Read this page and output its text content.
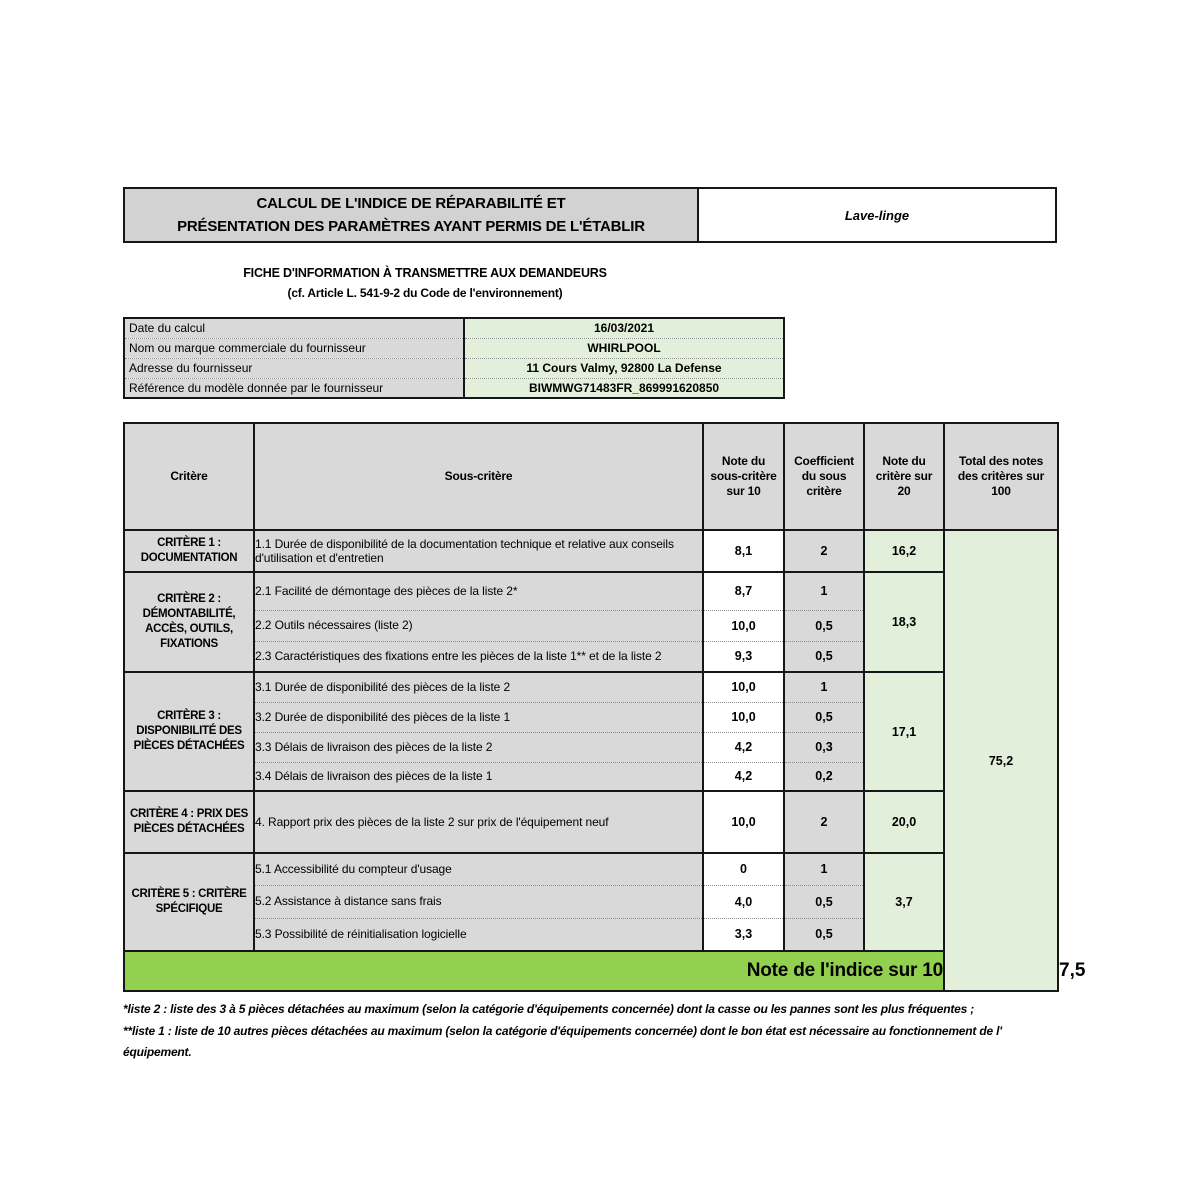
CALCUL DE L'INDICE DE RÉPARABILITÉ ET
PRÉSENTATION DES PARAMÈTRES AYANT PERMIS DE L'ÉTABLIR
Lave-linge
FICHE D'INFORMATION À TRANSMETTRE AUX DEMANDEURS
(cf. Article L. 541-9-2 du Code de l'environnement)
Date du calcul	16/03/2021
Nom ou marque commerciale du fournisseur	WHIRLPOOL
Adresse du fournisseur	11 Cours Valmy, 92800 La Defense
Référence du modèle donnée par le fournisseur	BIWMWG71483FR_869991620850
Critère	Sous-critère	Note du sous-critère sur 10	Coefficient du sous critère	Note du critère sur 20	Total des notes des critères sur 100	
CRITÈRE 1 : DOCUMENTATION	1.1 Durée de disponibilité de la documentation technique et relative aux conseils d'utilisation et d'entretien	8,1	2	16,2	75,2	
CRITÈRE 2 : DÉMONTABILITÉ, ACCÈS, OUTILS, FIXATIONS	2.1 Facilité de démontage des pièces de la liste 2*	8,7	1	18,3		
	2.2 Outils nécessaires (liste 2)	10,0	0,5			
	2.3 Caractéristiques des fixations entre les pièces de la liste 1** et de la liste 2	9,3	0,5			
CRITÈRE 3 : DISPONIBILITÉ DES PIÈCES DÉTACHÉES	3.1 Durée de disponibilité des pièces de la liste 2	10,0	1	17,1		
	3.2 Durée de disponibilité des pièces de la liste 1	10,0	0,5			
	3.3 Délais de livraison des pièces de la liste 2	4,2	0,3			
	3.4 Délais de livraison des pièces de la liste 1	4,2	0,2			
CRITÈRE 4 : PRIX DES PIÈCES DÉTACHÉES	4. Rapport prix des pièces de la liste 2 sur prix de l'équipement neuf	10,0	2	20,0		
CRITÈRE 5 : CRITÈRE SPÉCIFIQUE	5.1 Accessibilité du compteur d'usage	0	1	3,7		
	5.2 Assistance à distance sans frais	4,0	0,5			
	5.3 Possibilité de réinitialisation logicielle	3,3	0,5			
Note de l'indice sur 10						7,5

*liste 2 : liste des 3 à 5 pièces détachées au maximum (selon la catégorie d'équipements concernée) dont la casse ou les pannes sont les plus fréquentes ;

**liste 1 : liste de 10 autres pièces détachées au maximum (selon la catégorie d'équipements concernée) dont le bon état est nécessaire au fonctionnement de l' équipement.
